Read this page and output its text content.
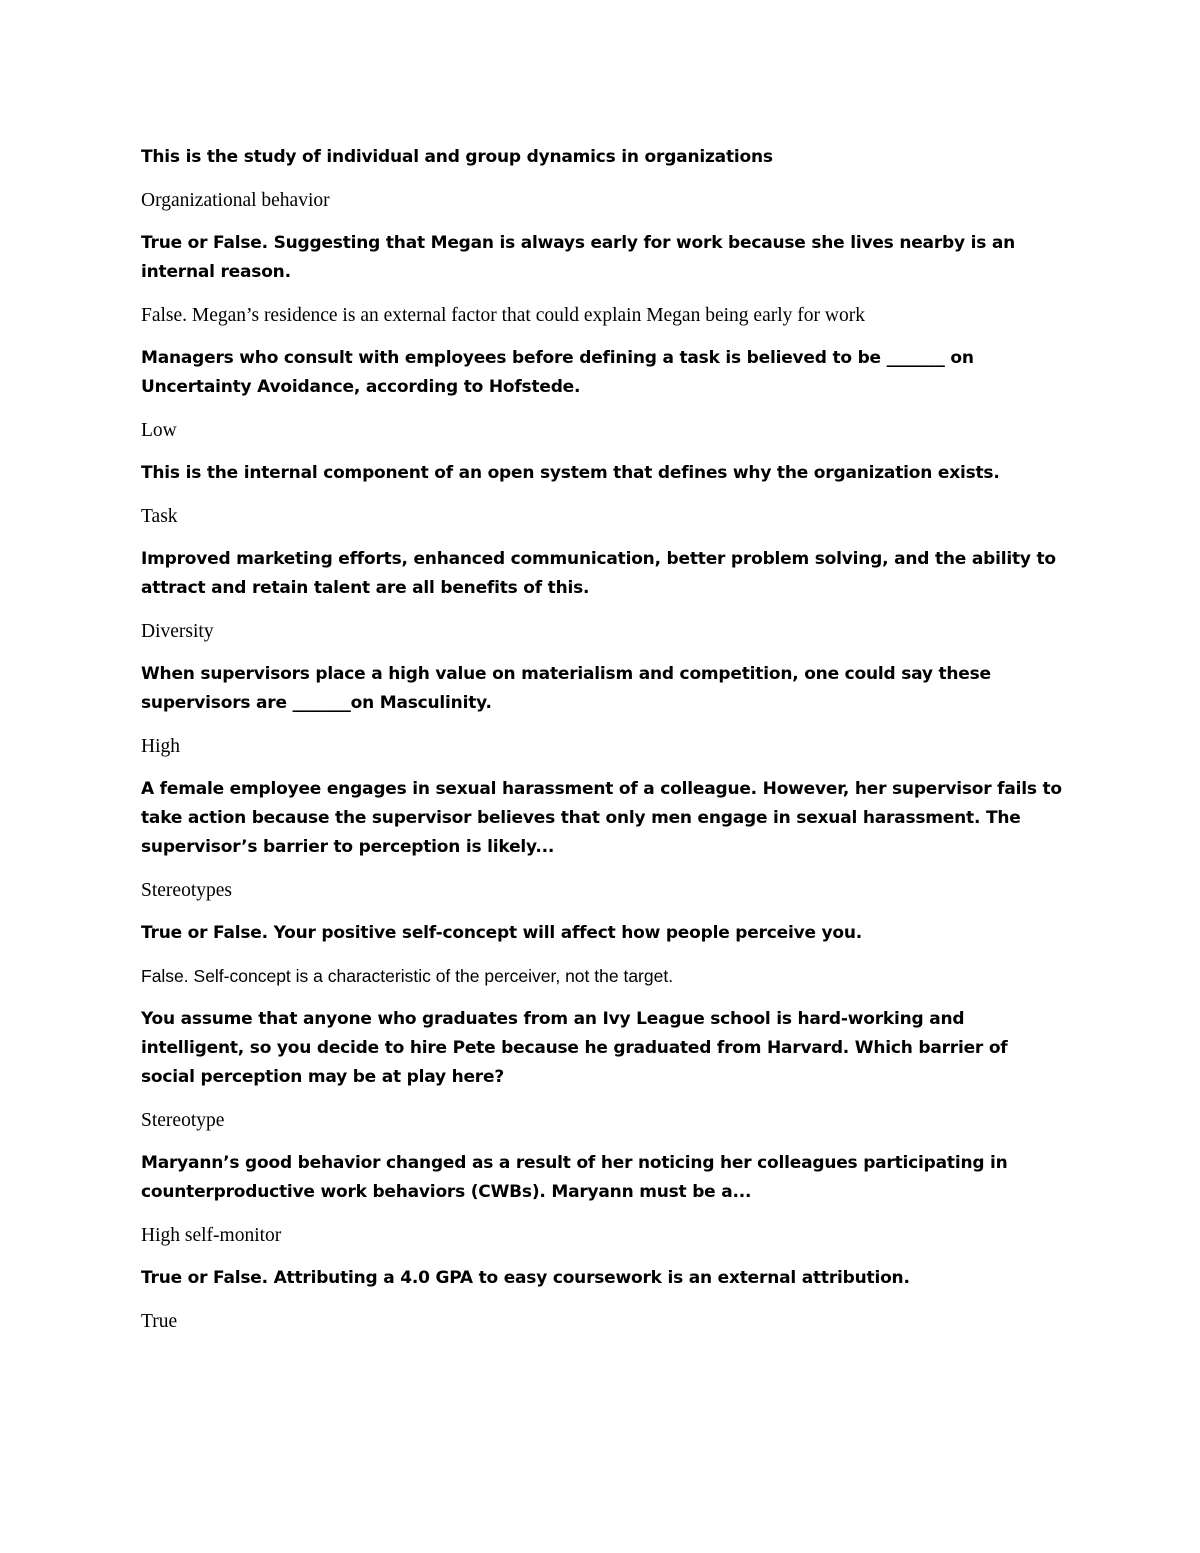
This is the study of individual and group dynamics in organizations

Organizational behavior

True or False. Suggesting that Megan is always early for work because she lives nearby is an internal reason.

False. Megan’s residence is an external factor that could explain Megan being early for work

Managers who consult with employees before defining a task is believed to be _______ on Uncertainty Avoidance, according to Hofstede.

Low

This is the internal component of an open system that defines why the organization exists.

Task

Improved marketing efforts, enhanced communication, better problem solving, and the ability to attract and retain talent are all benefits of this.

Diversity

When supervisors place a high value on materialism and competition, one could say these supervisors are _______on Masculinity.

High

A female employee engages in sexual harassment of a colleague. However, her supervisor fails to take action because the supervisor believes that only men engage in sexual harassment. The supervisor’s barrier to perception is likely...

Stereotypes

True or False. Your positive self-concept will affect how people perceive you.

False. Self-concept is a characteristic of the perceiver, not the target.

You assume that anyone who graduates from an Ivy League school is hard-working and intelligent, so you decide to hire Pete because he graduated from Harvard. Which barrier of social perception may be at play here?

Stereotype

Maryann’s good behavior changed as a result of her noticing her colleagues participating in counterproductive work behaviors (CWBs). Maryann must be a...

High self-monitor

True or False. Attributing a 4.0 GPA to easy coursework is an external attribution.

True
